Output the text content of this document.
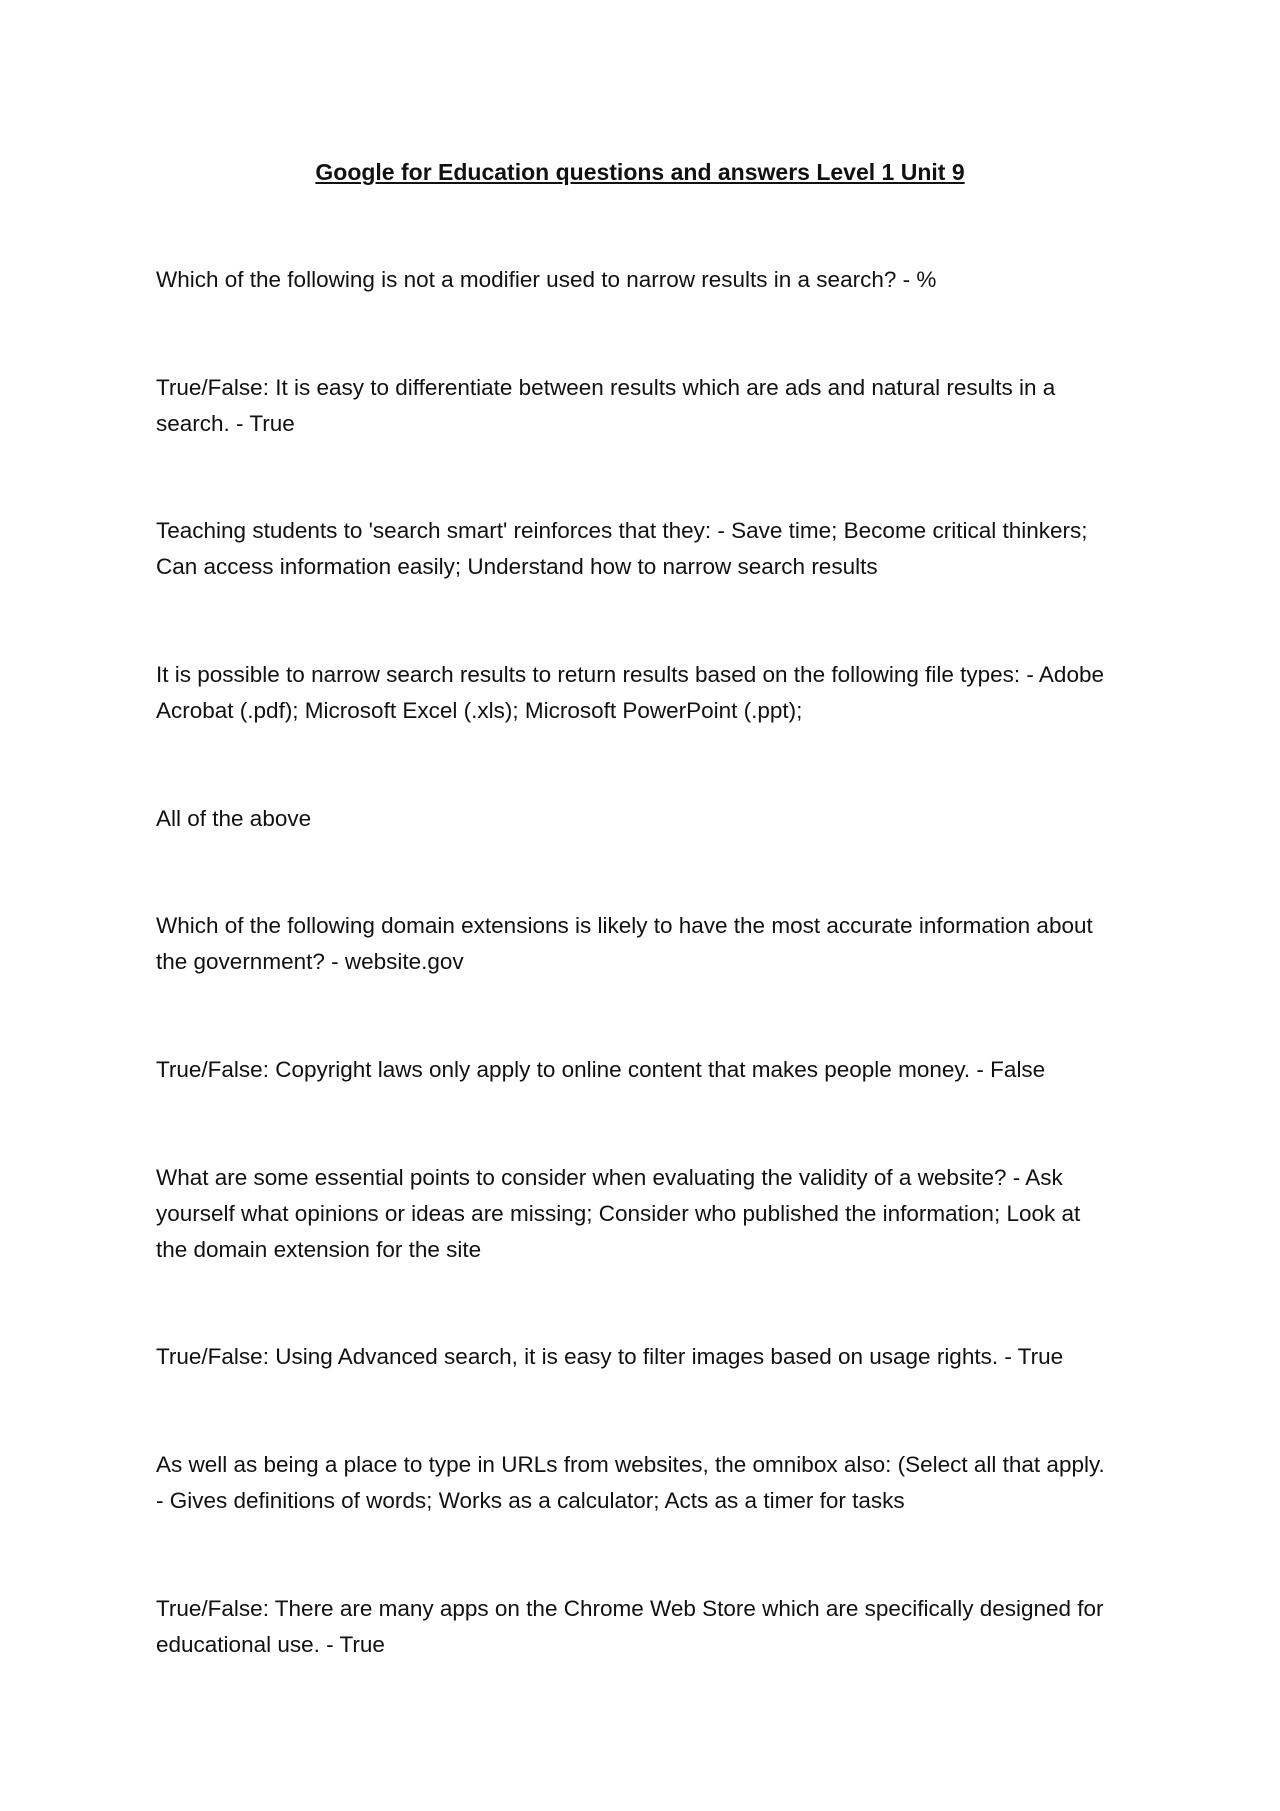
Google for Education questions and answers Level 1 Unit 9

Which of the following is not a modifier used to narrow results in a search? - %

True/False: It is easy to differentiate between results which are ads and natural results in a search. - True

Teaching students to 'search smart' reinforces that they: - Save time; Become critical thinkers; Can access information easily; Understand how to narrow search results

It is possible to narrow search results to return results based on the following file types: - Adobe Acrobat (.pdf); Microsoft Excel (.xls); Microsoft PowerPoint (.ppt);

All of the above

Which of the following domain extensions is likely to have the most accurate information about the government? - website.gov

True/False: Copyright laws only apply to online content that makes people money. - False

What are some essential points to consider when evaluating the validity of a website? - Ask yourself what opinions or ideas are missing; Consider who published the information; Look at the domain extension for the site

True/False: Using Advanced search, it is easy to filter images based on usage rights. - True

As well as being a place to type in URLs from websites, the omnibox also: (Select all that apply. - Gives definitions of words; Works as a calculator; Acts as a timer for tasks

True/False: There are many apps on the Chrome Web Store which are specifically designed for educational use. - True
